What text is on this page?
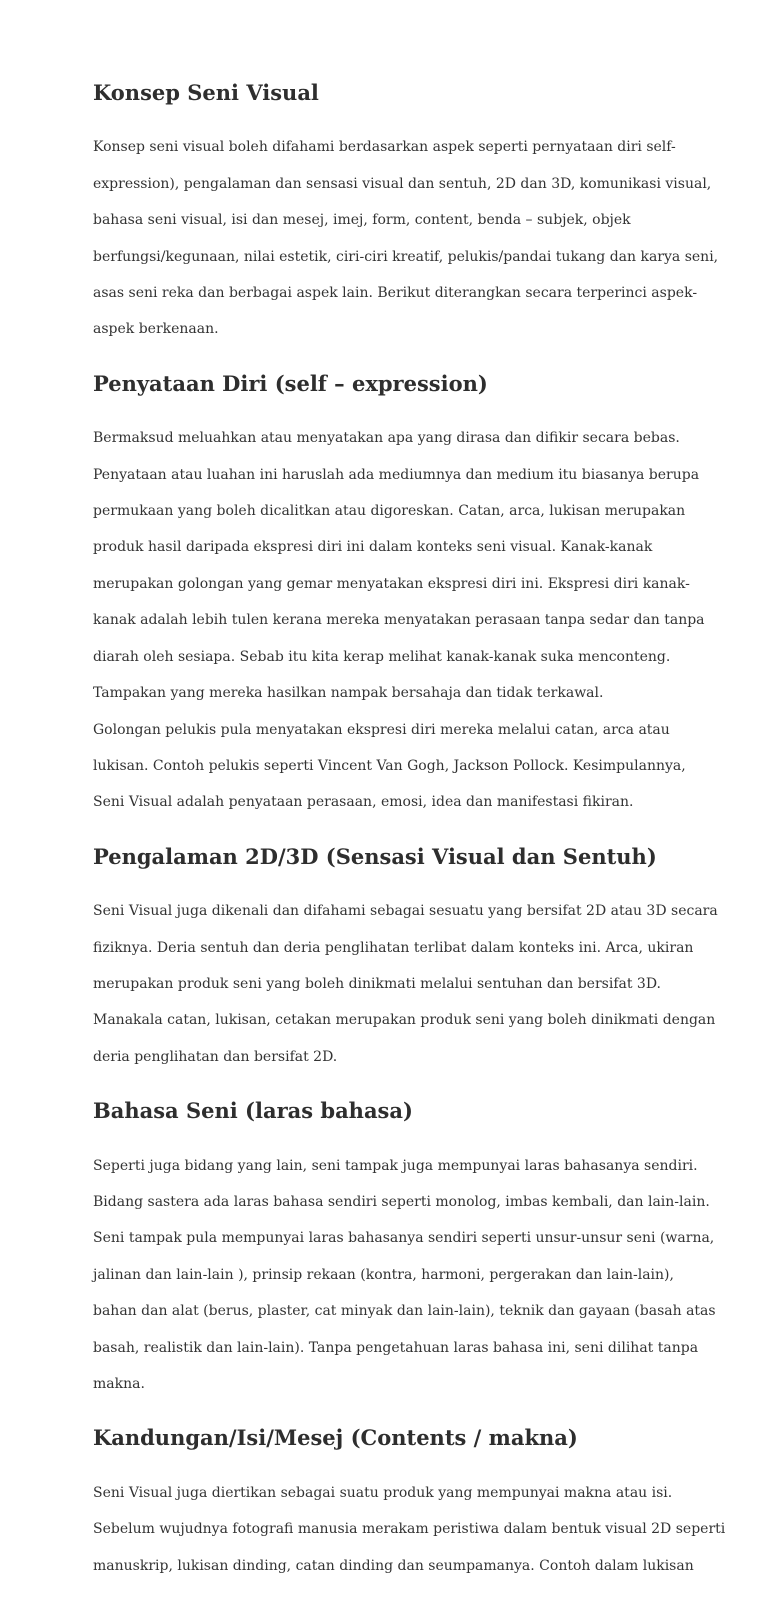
Konsep Seni Visual

Konsep seni visual boleh difahami berdasarkan aspek seperti pernyataan diri self-

expression), pengalaman dan sensasi visual dan sentuh, 2D dan 3D, komunikasi visual,

bahasa seni visual, isi dan mesej, imej, form, content, benda – subjek, objek

berfungsi/kegunaan, nilai estetik, ciri-ciri kreatif, pelukis/pandai tukang dan karya seni,

asas seni reka dan berbagai aspek lain. Berikut diterangkan secara terperinci aspek-

aspek berkenaan.

Penyataan Diri (self – expression)

Bermaksud meluahkan atau menyatakan apa yang dirasa dan difikir secara bebas.

Penyataan atau luahan ini haruslah ada mediumnya dan medium itu biasanya berupa

permukaan yang boleh dicalitkan atau digoreskan. Catan, arca, lukisan merupakan

produk hasil daripada ekspresi diri ini dalam konteks seni visual. Kanak-kanak

merupakan golongan yang gemar menyatakan ekspresi diri ini. Ekspresi diri kanak-

kanak adalah lebih tulen kerana mereka menyatakan perasaan tanpa sedar dan tanpa

diarah oleh sesiapa. Sebab itu kita kerap melihat kanak-kanak suka menconteng.

Tampakan yang mereka hasilkan nampak bersahaja dan tidak terkawal.

Golongan pelukis pula menyatakan ekspresi diri mereka melalui catan, arca atau

lukisan. Contoh pelukis seperti Vincent Van Gogh, Jackson Pollock. Kesimpulannya,

Seni Visual adalah penyataan perasaan, emosi, idea dan manifestasi fikiran.

Pengalaman 2D/3D (Sensasi Visual dan Sentuh)

Seni Visual juga dikenali dan difahami sebagai sesuatu yang bersifat 2D atau 3D secara

fiziknya. Deria sentuh dan deria penglihatan terlibat dalam konteks ini. Arca, ukiran

merupakan produk seni yang boleh dinikmati melalui sentuhan dan bersifat 3D.

Manakala catan, lukisan, cetakan merupakan produk seni yang boleh dinikmati dengan

deria penglihatan dan bersifat 2D.

Bahasa Seni (laras bahasa)

Seperti juga bidang yang lain, seni tampak juga mempunyai laras bahasanya sendiri.

Bidang sastera ada laras bahasa sendiri seperti monolog, imbas kembali, dan lain-lain.

Seni tampak pula mempunyai laras bahasanya sendiri seperti unsur-unsur seni (warna,

jalinan dan lain-lain ), prinsip rekaan (kontra, harmoni, pergerakan dan lain-lain),

bahan dan alat (berus, plaster, cat minyak dan lain-lain), teknik dan gayaan (basah atas

basah, realistik dan lain-lain). Tanpa pengetahuan laras bahasa ini, seni dilihat tanpa

makna.

Kandungan/Isi/Mesej (Contents / makna)

Seni Visual juga diertikan sebagai suatu produk yang mempunyai makna atau isi.

Sebelum wujudnya fotografi manusia merakam peristiwa dalam bentuk visual 2D seperti

manuskrip, lukisan dinding, catan dinding dan seumpamanya. Contoh dalam lukisan
